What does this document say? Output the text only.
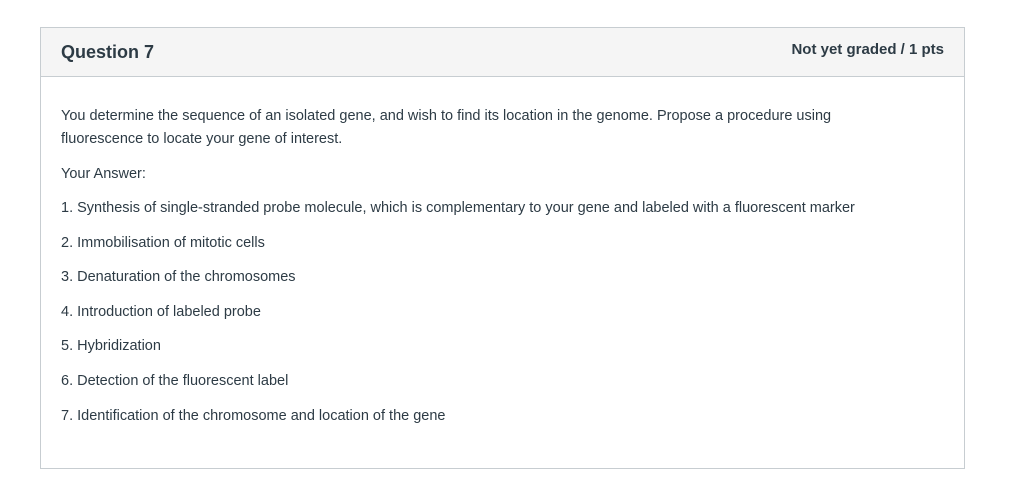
Question 7	Not yet graded / 1 pts

You determine the sequence of an isolated gene, and wish to find its location in the genome. Propose a procedure using fluorescence to locate your gene of interest.

Your Answer:

1. Synthesis of single-stranded probe molecule, which is complementary to your gene and labeled with a fluorescent marker
2. Immobilisation of mitotic cells
3. Denaturation of the chromosomes
4. Introduction of labeled probe
5. Hybridization
6. Detection of the fluorescent label
7. Identification of the chromosome and location of the gene
